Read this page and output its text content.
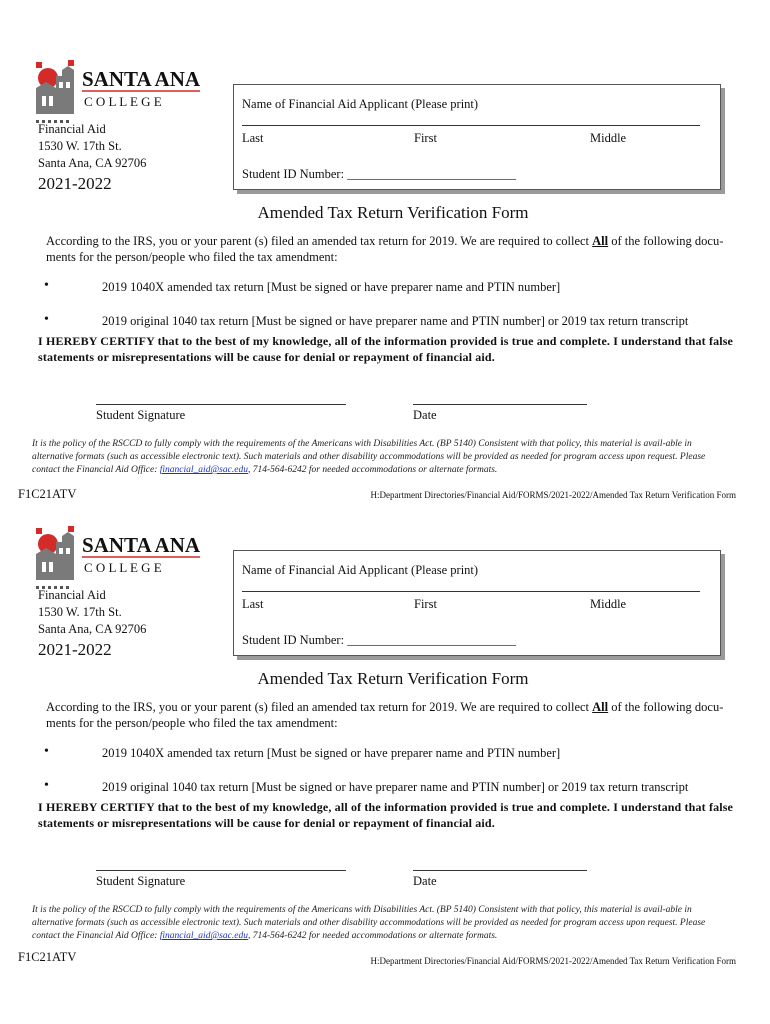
SANTA ANA
C O L L E G E
Financial Aid
1530 W. 17th St.
Santa Ana, CA 92706
2021-2022
Name of Financial Aid Applicant (Please print)
Last	First	Middle
Student ID Number: ___________________________
Amended Tax Return Verification Form
According to the IRS, you or your parent (s) filed an amended tax return for 2019. We are required to collect All of the following docu-ments for the person/people who filed the tax amendment:
•	2019 1040X amended tax return [Must be signed or have preparer name and PTIN number]
•	2019 original 1040 tax return [Must be signed or have preparer name and PTIN number] or 2019 tax return transcript
I HEREBY CERTIFY that to the best of my knowledge, all of the information provided is true and complete. I understand that false statements or misrepresentations will be cause for denial or repayment of financial aid.
Student Signature	Date
It is the policy of the RSCCD to fully comply with the requirements of the Americans with Disabilities Act. (BP 5140) Consistent with that policy, this material is avail-able in alternative formats (such as accessible electronic text). Such materials and other disability accommodations will be provided as needed for program access upon request. Please contact the Financial Aid Office: financial_aid@sac.edu, 714-564-6242 for needed accommodations or alternate formats.
F1C21ATV	H:Department Directories/Financial Aid/FORMS/2021-2022/Amended Tax Return Verification Form
SANTA ANA
C O L L E G E
Financial Aid
1530 W. 17th St.
Santa Ana, CA 92706
2021-2022
Name of Financial Aid Applicant (Please print)
Last	First	Middle
Student ID Number: ___________________________
Amended Tax Return Verification Form
According to the IRS, you or your parent (s) filed an amended tax return for 2019. We are required to collect All of the following docu-ments for the person/people who filed the tax amendment:
•	2019 1040X amended tax return [Must be signed or have preparer name and PTIN number]
•	2019 original 1040 tax return [Must be signed or have preparer name and PTIN number] or 2019 tax return transcript
I HEREBY CERTIFY that to the best of my knowledge, all of the information provided is true and complete. I understand that false statements or misrepresentations will be cause for denial or repayment of financial aid.
Student Signature	Date
It is the policy of the RSCCD to fully comply with the requirements of the Americans with Disabilities Act. (BP 5140) Consistent with that policy, this material is avail-able in alternative formats (such as accessible electronic text). Such materials and other disability accommodations will be provided as needed for program access upon request. Please contact the Financial Aid Office: financial_aid@sac.edu, 714-564-6242 for needed accommodations or alternate formats.
F1C21ATV	H:Department Directories/Financial Aid/FORMS/2021-2022/Amended Tax Return Verification Form
